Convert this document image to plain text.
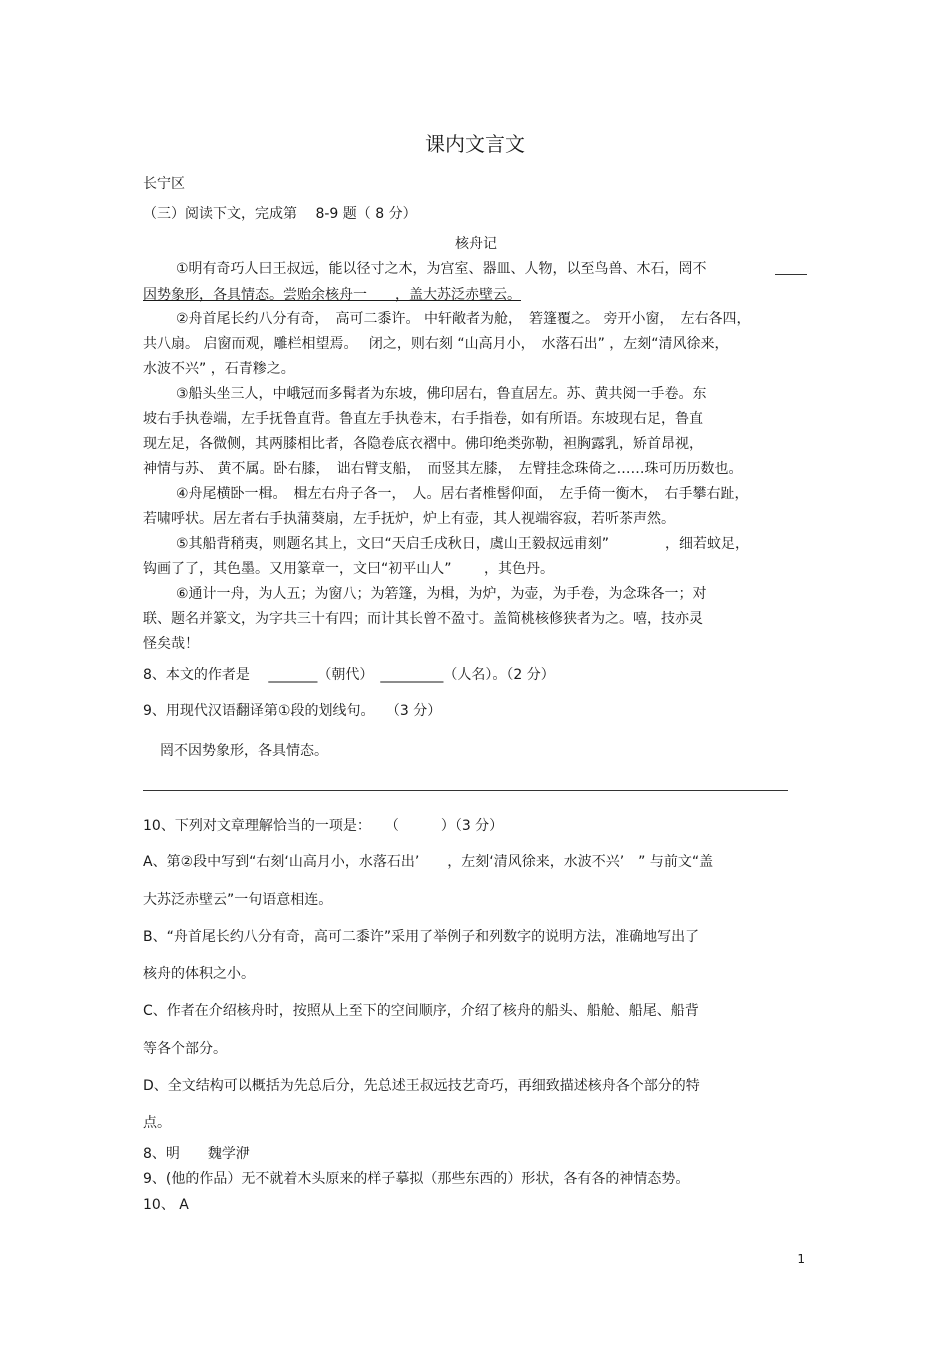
课内文言文
长宁区
（三）阅读下文，完成第　 8-9 题（ 8 分）
核舟记
①明有奇巧人曰王叔远，能以径寸之木，为宫室、器皿、人物，以至鸟兽、木石，罔不
因势象形，各具情态。尝贻余核舟一　　，盖大苏泛赤壁云。
②舟首尾长约八分有奇，　高可二黍许。 中轩敞者为舱，　箬篷覆之。 旁开小窗，　左右各四，
共八扇。 启窗而观，雕栏相望焉。　 闭之，则右刻 “山高月小，　水落石出” ，左刻“清风徐来，
水波不兴” ，石青糁之。
③船头坐三人，中峨冠而多髯者为东坡，佛印居右，鲁直居左。苏、黄共阅一手卷。东
坡右手执卷端，左手抚鲁直背。鲁直左手执卷末，右手指卷，如有所语。东坡现右足，鲁直
现左足，各微侧，其两膝相比者，各隐卷底衣褶中。佛印绝类弥勒，袒胸露乳，矫首昂视，
神情与苏、 黄不属。卧右膝，　诎右臂支船，　而竖其左膝，　左臂挂念珠倚之……珠可历历数也。
④舟尾横卧一楫。　楫左右舟子各一，　人。居右者椎髻仰面，　左手倚一衡木，　右手攀右趾，
若啸呼状。居左者右手执蒲葵扇，左手抚炉，炉上有壶，其人视端容寂，若听茶声然。
⑤其船背稍夷，则题名其上，文曰“天启壬戌秋日，虞山王毅叔远甫刻”　　　　，细若蚊足，
钩画了了，其色墨。又用篆章一，文曰“初平山人”　　 ，其色丹。
⑥通计一舟，为人五；为窗八；为箬篷，为楫，为炉，为壶，为手卷，为念珠各一；对
联、题名并篆文，为字共三十有四；而计其长曾不盈寸。盖简桃核修狭者为之。嘻，技亦灵
怪矣哉！
8、本文的作者是　 _______（朝代）　_________（人名）。（2 分）
9、用现代汉语翻译第①段的划线句。　 （3 分）
罔不因势象形，各具情态。
10、下列对文章理解恰当的一项是：　　（　　　）（3 分）
A、第②段中写到“右刻‘山高月小，水落石出’　　，左刻‘清风徐来，水波不兴’　” 与前文“盖
大苏泛赤壁云”一句语意相连。
B、“舟首尾长约八分有奇，高可二黍许”采用了举例子和列数字的说明方法，准确地写出了
核舟的体积之小。
C、作者在介绍核舟时，按照从上至下的空间顺序，介绍了核舟的船头、船舱、船尾、船背
等各个部分。
D、全文结构可以概括为先总后分，先总述王叔远技艺奇巧，再细致描述核舟各个部分的特
点。
8、明　　魏学洢
9、(他的作品）无不就着木头原来的样子摹拟（那些东西的）形状，各有各的神情态势。
10、 A
1
